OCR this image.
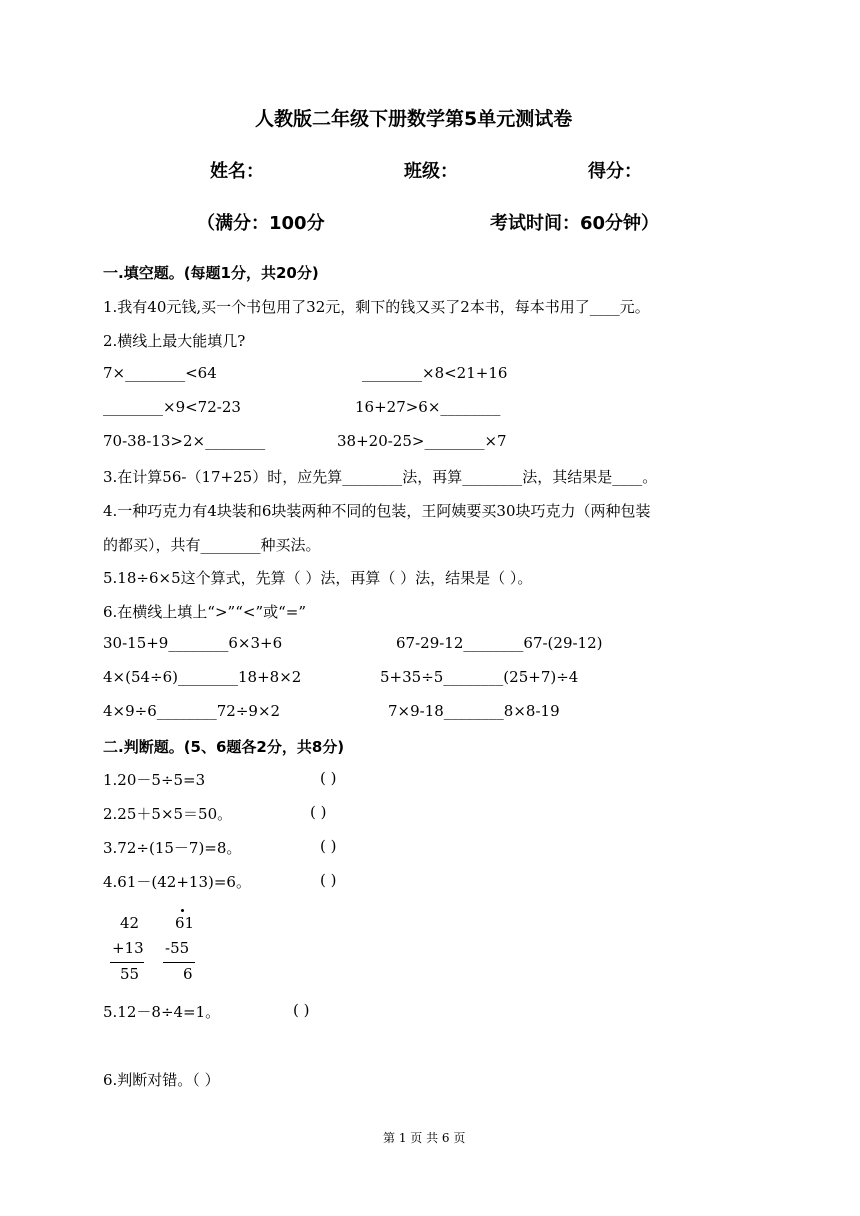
人教版二年级下册数学第5单元测试卷
姓名：	班级：	得分：
（满分：100分	考试时间：60分钟）
一.填空题。(每题1分，共20分)
1.我有40元钱,买一个书包用了32元，剩下的钱又买了2本书，每本书用了____元。
2.横线上最大能填几?
7×________<64	________×8<21+16
________×9<72-23	16+27>6×________
70-38-13>2×________	38+20-25>________×7
3.在计算56-（17+25）时，应先算________法，再算________法，其结果是____。
4.一种巧克力有4块装和6块装两种不同的包装，王阿姨要买30块巧克力（两种包装
的都买），共有________种买法。
5.18÷6×5这个算式，先算（ ）法，再算（ ）法，结果是（ ）。
6.在横线上填上“>”“<”或“=”
30-15+9________6×3+6	67-29-12________67-(29-12)
4×(54÷6)________18+8×2	5+35÷5________(25+7)÷4
4×9÷6________72÷9×2	7×9-18________8×8-19
二.判断题。(5、6题各2分，共8分)
1.20－5÷5=3	( )
2.25＋5×5＝50。	( )
3.72÷(15－7)=8。	( )
4.61－(42+13)=6。	( )
42
+13
55
61
-55
6
5.12－8÷4=1。	( )
6.判断对错。（ ）
第 1 页 共 6 页
